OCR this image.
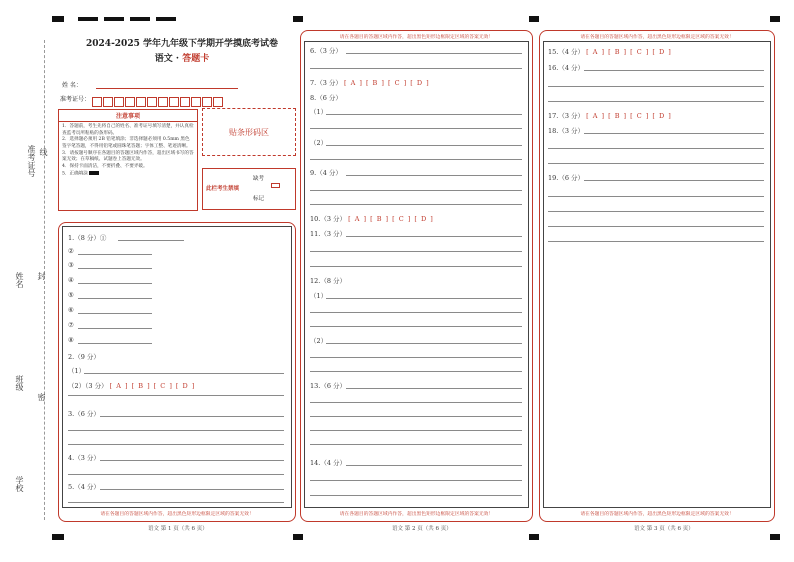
准考证号 线
姓名 封
班级
密
学校
2024-2025 学年九年级下学期开学摸底考试卷
语文 · 答题卡
姓 名：
准考证号：
注意事项
1．答题前，考生先将自己的姓名、准考证号填写清楚，并认真检查监考员所粘贴的条形码。
2．选择题必须用 2B 铅笔填涂；非选择题必须用 0.5mm 黑色签字笔答题，不得用铅笔或圆珠笔答题；字体工整、笔迹清晰。
3．请按题号顺序在各题目的答题区域内作答，超出区域书写的答案无效；在草稿纸、试题卷上答题无效。
4．保持卡面清洁，不要折叠、不要弄破。
5．正确填涂
贴条形码区
此栏考生禁填
缺考
标记
1.（8 分）①
②
③
④
⑤
⑥
⑦
⑧
2.（9 分）
（1）
（2）（3 分） [ A ] [ B ] [ C ] [ D ]
3.（6 分）
4.（3 分）
5.（4 分）
请在各题目的答题区域内作答，超出黑色矩形边框限定区域的答案无效！
语文 第 1 页（共 6 页）
请在各题目的答题区域内作答，超出黑色矩形边框限定区域的答案无效！
6.（3 分）
7.（3 分） [ A ] [ B ] [ C ] [ D ]
8.（6 分）
（1）
（2）
9.（4 分）
10.（3 分） [ A ] [ B ] [ C ] [ D ]
11.（3 分）
12.（8 分）
（1）
（2）
13.（6 分）
14.（4 分）
请在各题目的答题区域内作答，超出黑色矩形边框限定区域的答案无效！
语文 第 2 页（共 6 页）
请在各题目的答题区域内作答，超出黑色矩形边框限定区域的答案无效！
15.（4 分） [ A ] [ B ] [ C ] [ D ]
16.（4 分）
17.（3 分） [ A ] [ B ] [ C ] [ D ]
18.（3 分）
19.（6 分）
请在各题目的答题区域内作答，超出黑色矩形边框限定区域的答案无效！
语文 第 3 页（共 6 页）
